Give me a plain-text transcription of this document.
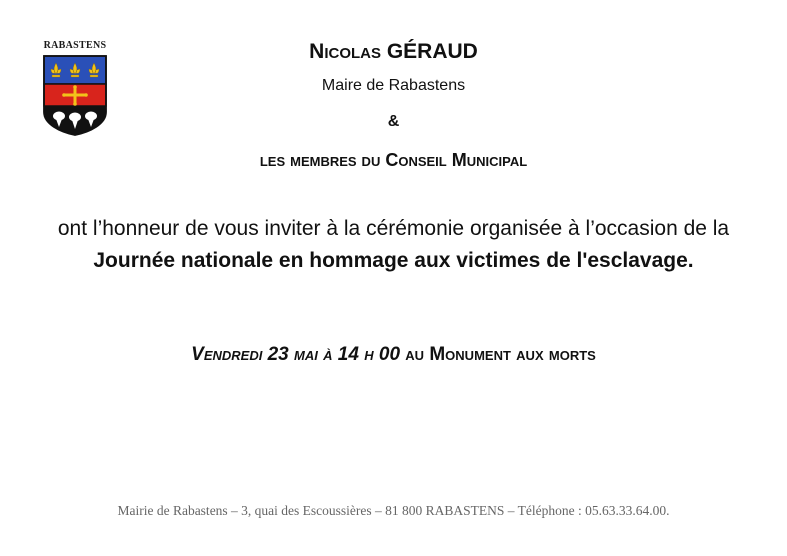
RABASTENS	Nicolas GÉRAUD
Maire de Rabastens
&
les membres du Conseil Municipal
ont l’honneur de vous inviter à la cérémonie organisée à l’occasion de la Journée nationale en hommage aux victimes de l'esclavage.
Vendredi 23 mai à 14 h 00 au Monument aux morts
Mairie de Rabastens – 3, quai des Escoussières – 81 800 RABASTENS – Téléphone : 05.63.33.64.00.
